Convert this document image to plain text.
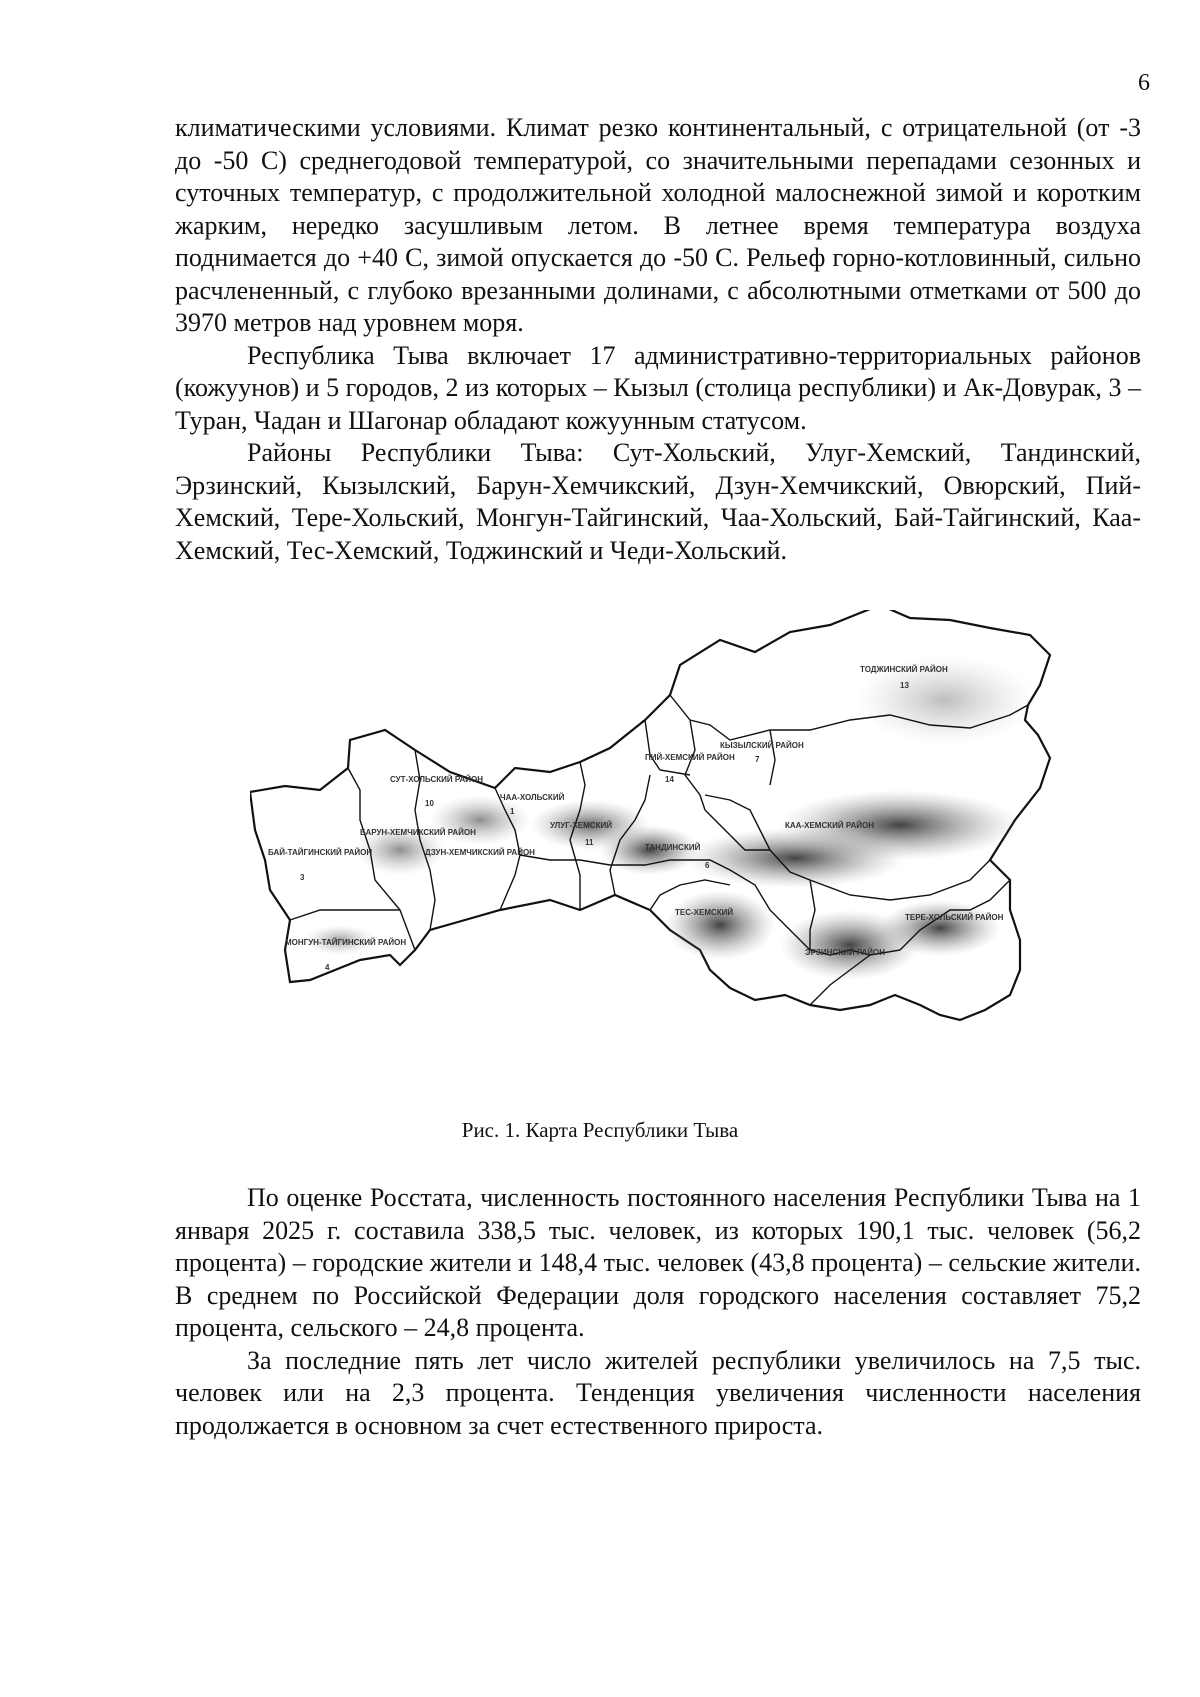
6

климатическими условиями. Климат резко континентальный, с отрицательной (от -3 до -50 С) среднегодовой температурой, со значительными перепадами сезонных и суточных температур, с продолжительной холодной малоснежной зимой и коротким жарким, нередко засушливым летом. В летнее время температура воздуха поднимается до +40 С, зимой опускается до -50 С. Рельеф горно-котловинный, сильно расчлененный, с глубоко врезанными долинами, с абсолютными отметками от 500 до 3970 метров над уровнем моря.

Республика Тыва включает 17 административно-территориальных районов (кожуунов) и 5 городов, 2 из которых – Кызыл (столица республики) и Ак-Довурак, 3 – Туран, Чадан и Шагонар обладают кожуунным статусом.

Районы Республики Тыва: Сут-Хольский, Улуг-Хемский, Тандинский, Эрзинский, Кызылский, Барун-Хемчикский, Дзун-Хемчикский, Овюрский, Пий-Хемский, Тере-Хольский, Монгун-Тайгинский, Чаа-Хольский, Бай-Тайгинский, Каа-Хемский, Тес-Хемский, Тоджинский и Чеди-Хольский.

ТОДЖИНСКИЙ РАЙОН
13
КЫЗЫЛСКИЙ РАЙОН
7
ПИЙ-ХЕМСКИЙ РАЙОН
14
СУТ-ХОЛЬСКИЙ РАЙОН
10
ЧАА-ХОЛЬСКИЙ
1
КАА-ХЕМСКИЙ РАЙОН
БАРУН-ХЕМЧИКСКИЙ РАЙОН
ДЗУН-ХЕМЧИКСКИЙ РАЙОН
БАЙ-ТАЙГИНСКИЙ РАЙОН
3
МОНГУН-ТАЙГИНСКИЙ РАЙОН
4
ТЕС-ХЕМСКИЙ
ЭРЗИНСКИЙ РАЙОН
ТЕРЕ-ХОЛЬСКИЙ РАЙОН
УЛУГ-ХЕМСКИЙ
11
ТАНДИНСКИЙ
6
Рис. 1. Карта Республики Тыва

По оценке Росстата, численность постоянного населения Республики Тыва на 1 января 2025 г. составила 338,5 тыс. человек, из которых 190,1 тыс. человек (56,2 процента) – городские жители и 148,4 тыс. человек (43,8 процента) – сельские жители. В среднем по Российской Федерации доля городского населения составляет 75,2 процента, сельского – 24,8 процента.

За последние пять лет число жителей республики увеличилось на 7,5 тыс. человек или на 2,3 процента. Тенденция увеличения численности населения продолжается в основном за счет естественного прироста.
